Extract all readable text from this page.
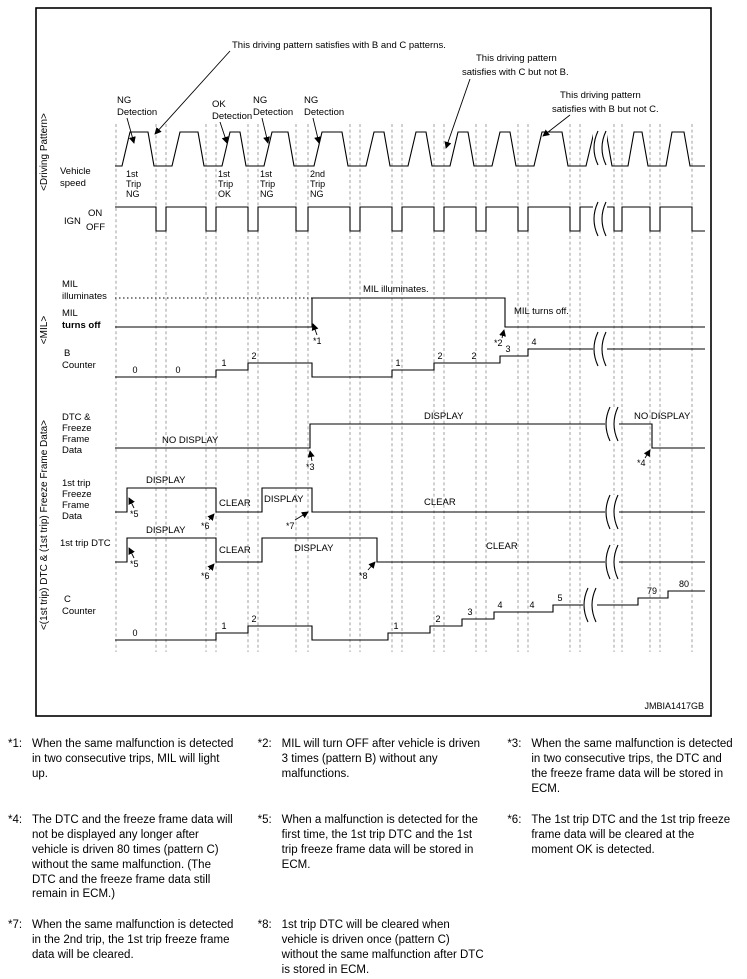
This driving pattern satisfies with B and C patterns.
This driving pattern
satisfies with C but not B.
This driving pattern
satisfies with B but not C.
NG
Detection
OK
Detection
NG
Detection
NG
Detection
1st
Trip
NG
1st
Trip
OK
1st
Trip
NG
2nd
Trip
NG
Vehicle
speed
IGN
ON
OFF
MIL
illuminates
MIL
turns off
B
Counter
DTC &
Freeze
Frame
Data
1st trip
Freeze
Frame
Data
1st trip DTC
C
Counter
MIL illuminates.
MIL turns off.
NO DISPLAY
DISPLAY	NO DISPLAY
DISPLAY
CLEAR DISPLAY	CLEAR
DISPLAY
CLEAR	DISPLAY	CLEAR
*1	*2
*3	*4
*5
*6	*7
*5
*6	*8
0	0
1
2
1
2	2
3
4
0
1
2
1
2
3
4	4
5
79
80
<Driving Pattern>
<MIL>
<(1st trip) DTC & (1st trip) Freeze Frame Data>
JMBIA1417GB
*1: When the same malfunction is detected in two consecutive trips, MIL will light up.
*2: MIL will turn OFF after vehicle is driven 3 times (pattern B) without any malfunctions.
*3: When the same malfunction is detected in two consecutive trips, the DTC and the freeze frame data will be stored in ECM.
*4: The DTC and the freeze frame data will not be displayed any longer after vehicle is driven 80 times (pattern C) without the same malfunction. (The DTC and the freeze frame data still remain in ECM.)
*5: When a malfunction is detected for the first time, the 1st trip DTC and the 1st trip freeze frame data will be stored in ECM.
*6: The 1st trip DTC and the 1st trip freeze frame data will be cleared at the moment OK is detected.
*7: When the same malfunction is detected in the 2nd trip, the 1st trip freeze frame data will be cleared.
*8: 1st trip DTC will be cleared when vehicle is driven once (pattern C) without the same malfunction after DTC is stored in ECM.
